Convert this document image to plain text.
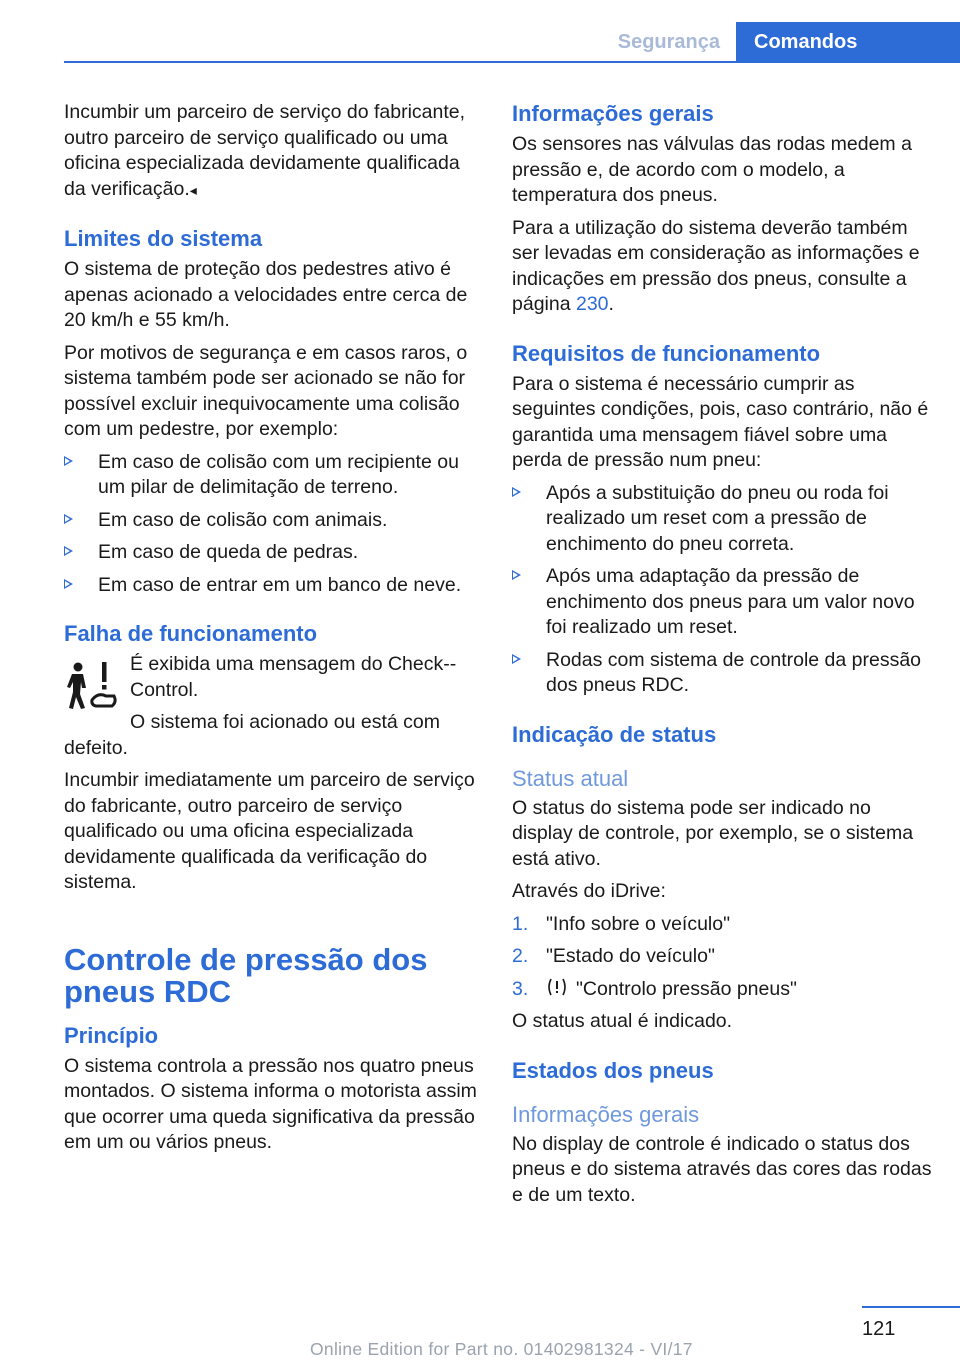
Segurança	Comandos

Incumbir um parceiro de serviço do fabricante, outro parceiro de serviço qualificado ou uma oficina especializada devidamente qualificada da verificação.◂

Limites do sistema

O sistema de proteção dos pedestres ativo é apenas acionado a velocidades entre cerca de 20 km/h e 55 km/h.

Por motivos de segurança e em casos raros, o sistema também pode ser acionado se não for possível excluir inequivocamente uma colisão com um pedestre, por exemplo:

Em caso de colisão com um recipiente ou um pilar de delimitação de terreno.
Em caso de colisão com animais.
Em caso de queda de pedras.
Em caso de entrar em um banco de neve.
Falha de funcionamento

É exibida uma mensagem do Check--Control.

O sistema foi acionado ou está com

defeito.

Incumbir imediatamente um parceiro de serviço do fabricante, outro parceiro de serviço qualificado ou uma oficina especializada devidamente qualificada da verificação do sistema.

Controle de pressão dos pneus RDC
Princípio

O sistema controla a pressão nos quatro pneus montados. O sistema informa o motorista assim que ocorrer uma queda significativa da pressão em um ou vários pneus.

Informações gerais

Os sensores nas válvulas das rodas medem a pressão e, de acordo com o modelo, a temperatura dos pneus.

Para a utilização do sistema deverão também ser levadas em consideração as informações e indicações em pressão dos pneus, consulte a página 230.

Requisitos de funcionamento

Para o sistema é necessário cumprir as seguintes condições, pois, caso contrário, não é garantida uma mensagem fiável sobre uma perda de pressão num pneu:

Após a substituição do pneu ou roda foi realizado um reset com a pressão de enchimento do pneu correta.
Após uma adaptação da pressão de enchimento dos pneus para um valor novo foi realizado um reset.
Rodas com sistema de controle da pressão dos pneus RDC.
Indicação de status
Status atual

O status do sistema pode ser indicado no display de controle, por exemplo, se o sistema está ativo.

Através do iDrive:

1. "Info sobre o veículo"
2. "Estado do veículo"
3. "Controlo pressão pneus"

O status atual é indicado.

Estados dos pneus
Informações gerais

No display de controle é indicado o status dos pneus e do sistema através das cores das rodas e de um texto.

121
Online Edition for Part no. 01402981324 - VI/17
